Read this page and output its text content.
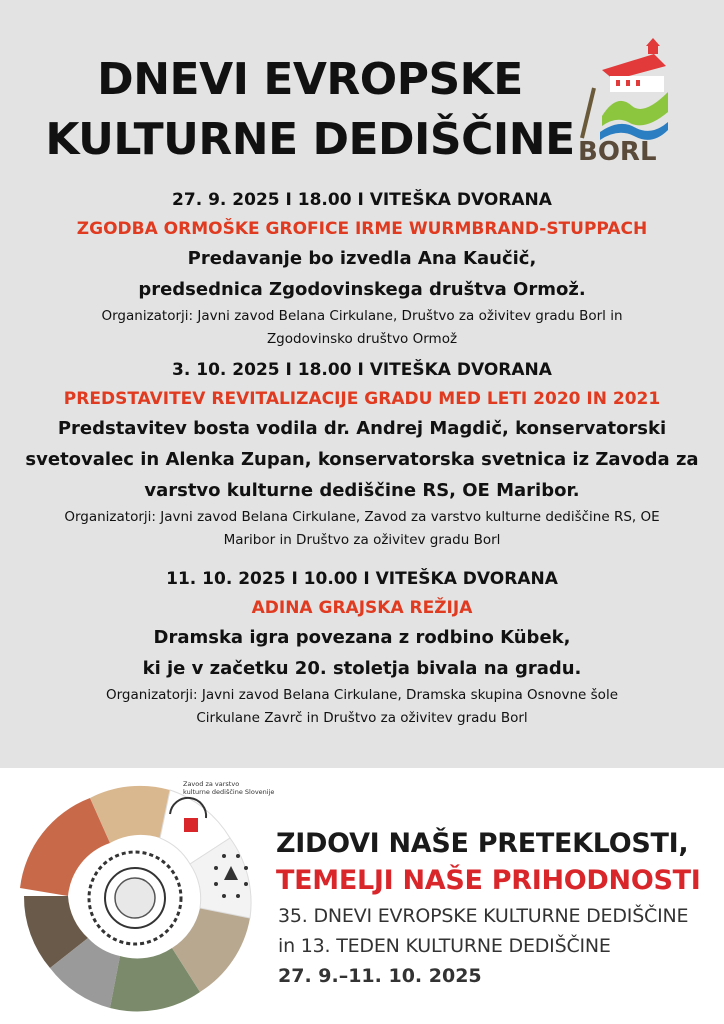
DNEVI EVROPSKE
KULTURNE DEDIŠČINE BORL
27. 9. 2025 I 18.00 I VITEŠKA DVORANA
ZGODBA ORMOŠKE GROFICE IRME WURMBRAND-STUPPACH
Predavanje bo izvedla Ana Kaučič,
predsednica Zgodovinskega društva Ormož.
Organizatorji: Javni zavod Belana Cirkulane, Društvo za oživitev gradu Borl in
Zgodovinsko društvo Ormož
3. 10. 2025 I 18.00 I VITEŠKA DVORANA
PREDSTAVITEV REVITALIZACIJE GRADU MED LETI 2020 IN 2021
Predstavitev bosta vodila dr. Andrej Magdič, konservatorski
svetovalec in Alenka Zupan, konservatorska svetnica iz Zavoda za
varstvo kulturne dediščine RS, OE Maribor.
Organizatorji: Javni zavod Belana Cirkulane, Zavod za varstvo kulturne dediščine RS, OE
Maribor in Društvo za oživitev gradu Borl
11. 10. 2025 I 10.00 I VITEŠKA DVORANA
ADINA GRAJSKA REŽIJA
Dramska igra povezana z rodbino Kübek,
ki je v začetku 20. stoletja bivala na gradu.
Organizatorji: Javni zavod Belana Cirkulane, Dramska skupina Osnovne šole
Cirkulane Zavrč in Društvo za oživitev gradu Borl
Zavod za varstvo
kulturne dediščine Slovenije
ZIDOVI NAŠE PRETEKLOSTI,
TEMELJI NAŠE PRIHODNOSTI
35. DNEVI EVROPSKE KULTURNE DEDIŠČINE
in 13. TEDEN KULTURNE DEDIŠČINE
27. 9.–11. 10. 2025
